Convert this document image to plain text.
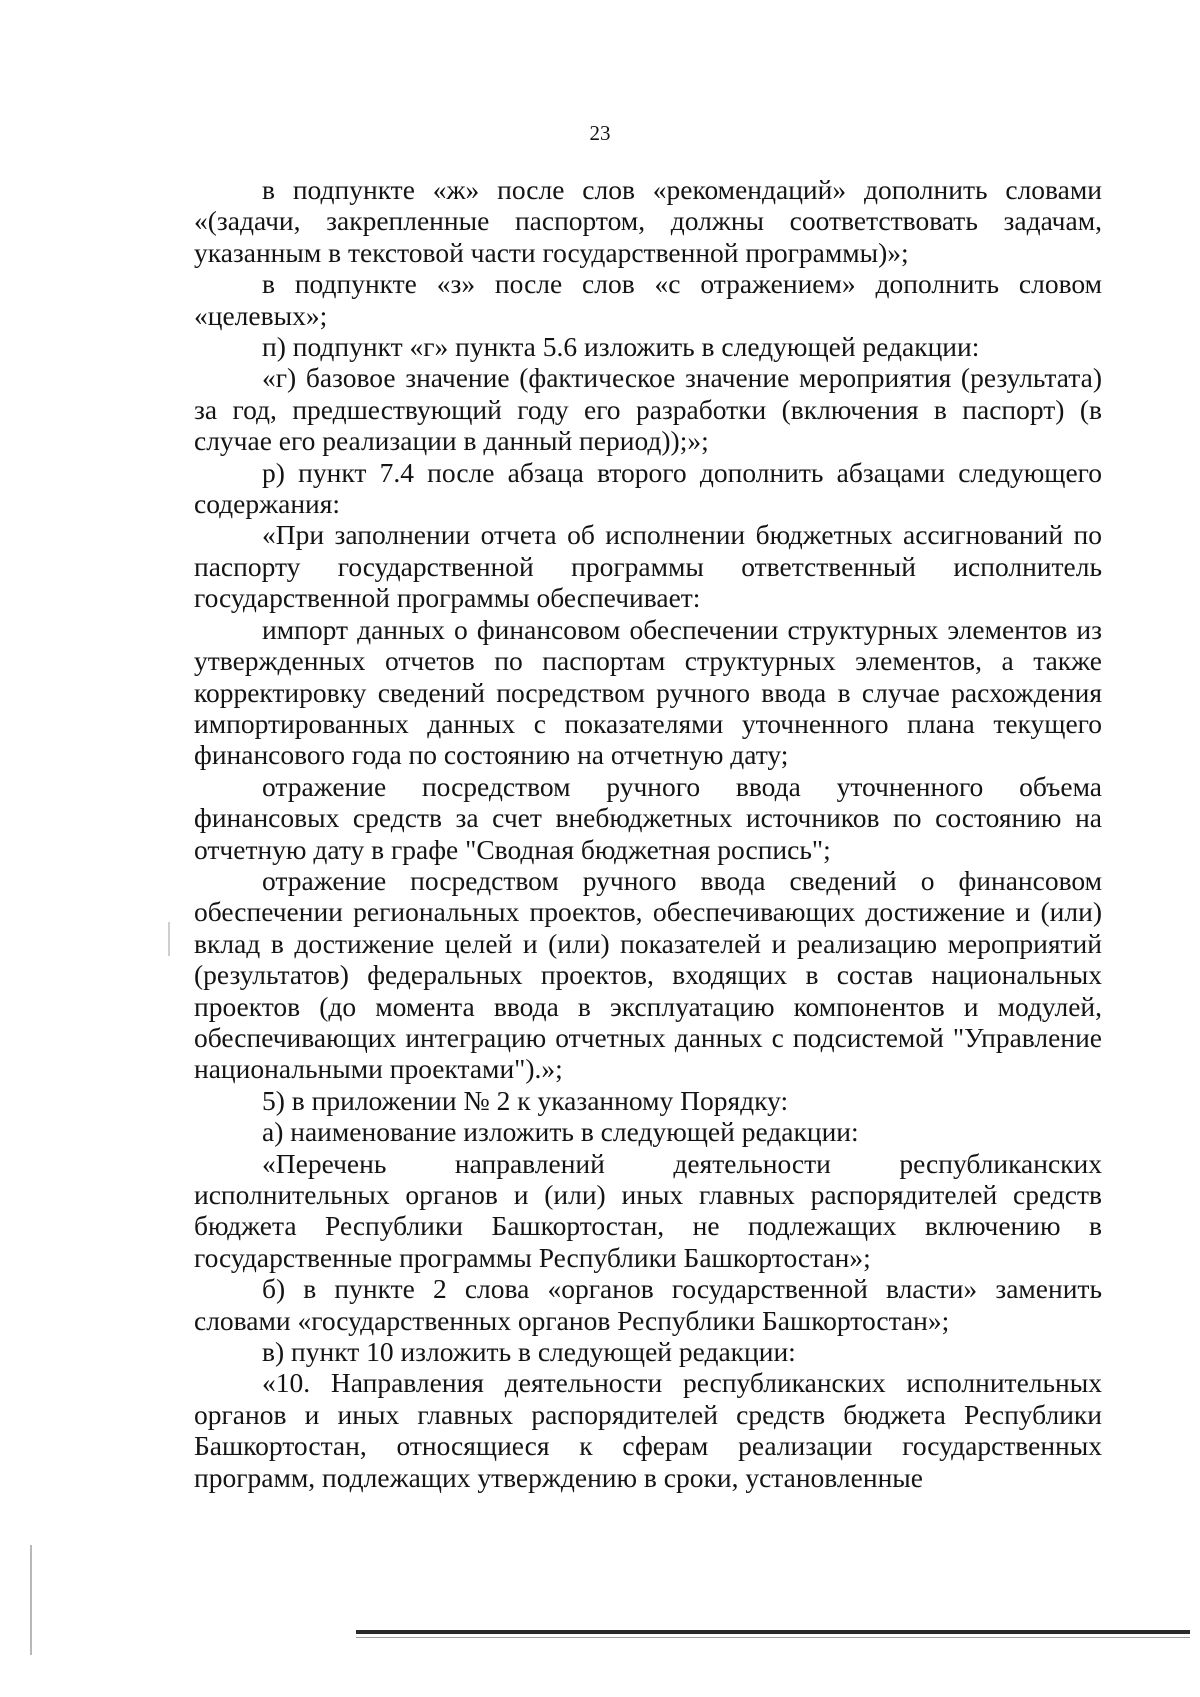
23

в подпункте «ж» после слов «рекомендаций» дополнить словами «(задачи, закрепленные паспортом, должны соответствовать задачам, указанным в текстовой части государственной программы)»;

в подпункте «з» после слов «с отражением» дополнить словом «целевых»;

п) подпункт «г» пункта 5.6 изложить в следующей редакции:

«г) базовое значение (фактическое значение мероприятия (результата) за год, предшествующий году его разработки (включения в паспорт) (в случае его реализации в данный период));»;

р) пункт 7.4 после абзаца второго дополнить абзацами следующего содержания:

«При заполнении отчета об исполнении бюджетных ассигнований по паспорту государственной программы ответственный исполнитель государственной программы обеспечивает:

импорт данных о финансовом обеспечении структурных элементов из утвержденных отчетов по паспортам структурных элементов, а также корректировку сведений посредством ручного ввода в случае расхождения импортированных данных с показателями уточненного плана текущего финансового года по состоянию на отчетную дату;

отражение посредством ручного ввода уточненного объема финансовых средств за счет внебюджетных источников по состоянию на отчетную дату в графе "Сводная бюджетная роспись";

отражение посредством ручного ввода сведений о финансовом обеспечении региональных проектов, обеспечивающих достижение и (или) вклад в достижение целей и (или) показателей и реализацию мероприятий (результатов) федеральных проектов, входящих в состав национальных проектов (до момента ввода в эксплуатацию компонентов и модулей, обеспечивающих интеграцию отчетных данных с подсистемой "Управление национальными проектами").»;

5) в приложении № 2 к указанному Порядку:

а) наименование изложить в следующей редакции:

«Перечень направлений деятельности республиканских исполнительных органов и (или) иных главных распорядителей средств бюджета Республики Башкортостан, не подлежащих включению в государственные программы Республики Башкортостан»;

б) в пункте 2 слова «органов государственной власти» заменить словами «государственных органов Республики Башкортостан»;

в) пункт 10 изложить в следующей редакции:

«10. Направления деятельности республиканских исполнительных органов и иных главных распорядителей средств бюджета Республики Башкортостан, относящиеся к сферам реализации государственных программ, подлежащих утверждению в сроки, установленные
